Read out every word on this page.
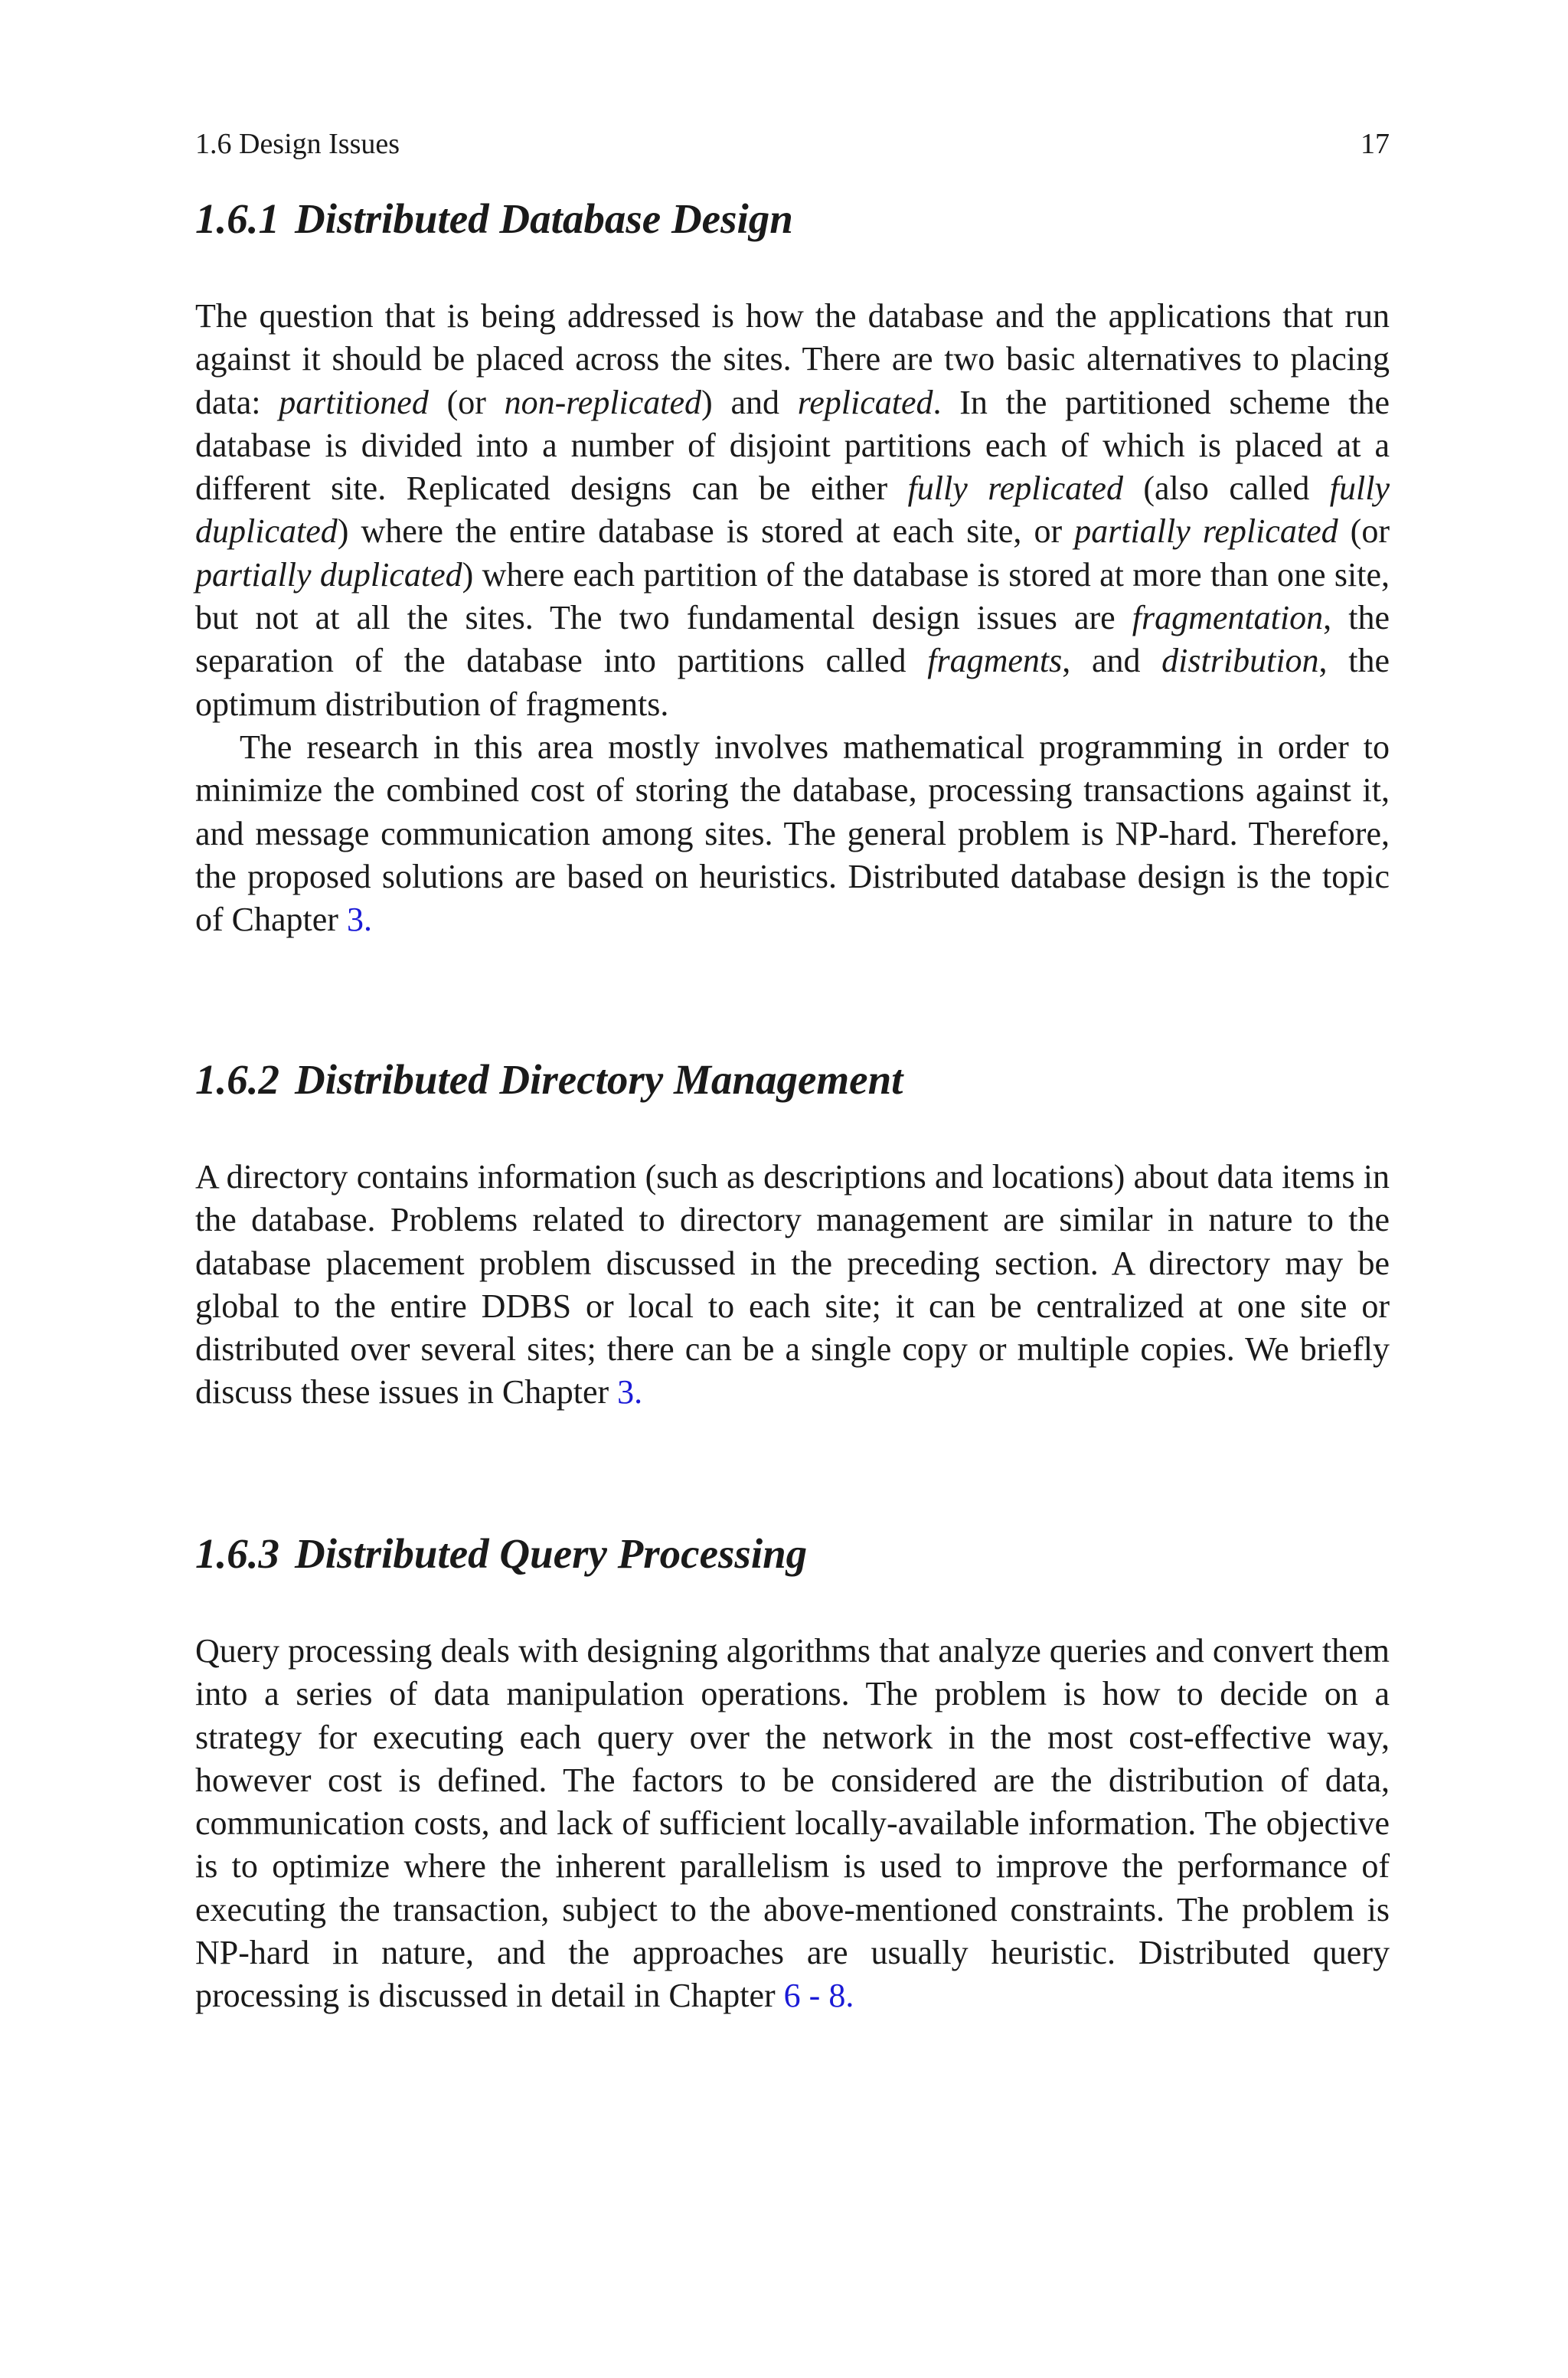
1.6 Design Issues	17
1.6.1 Distributed Database Design

The question that is being addressed is how the database and the applications that run against it should be placed across the sites. There are two basic alternatives to placing data: partitioned (or non-replicated) and replicated. In the partitioned scheme the database is divided into a number of disjoint partitions each of which is placed at a different site. Replicated designs can be either fully replicated (also called fully duplicated) where the entire database is stored at each site, or partially replicated (or partially duplicated) where each partition of the database is stored at more than one site, but not at all the sites. The two fundamental design issues are fragmentation, the separation of the database into partitions called fragments, and distribution, the optimum distribution of fragments.

The research in this area mostly involves mathematical programming in order to minimize the combined cost of storing the database, processing transactions against it, and message communication among sites. The general problem is NP-hard. Therefore, the proposed solutions are based on heuristics. Distributed database design is the topic of Chapter 3.

1.6.2 Distributed Directory Management

A directory contains information (such as descriptions and locations) about data items in the database. Problems related to directory management are similar in nature to the database placement problem discussed in the preceding section. A directory may be global to the entire DDBS or local to each site; it can be centralized at one site or distributed over several sites; there can be a single copy or multiple copies. We briefly discuss these issues in Chapter 3.

1.6.3 Distributed Query Processing

Query processing deals with designing algorithms that analyze queries and convert them into a series of data manipulation operations. The problem is how to decide on a strategy for executing each query over the network in the most cost-effective way, however cost is defined. The factors to be considered are the distribution of data, communication costs, and lack of sufficient locally-available information. The objective is to optimize where the inherent parallelism is used to improve the performance of executing the transaction, subject to the above-mentioned constraints. The problem is NP-hard in nature, and the approaches are usually heuristic. Distributed query processing is discussed in detail in Chapter 6 - 8.
